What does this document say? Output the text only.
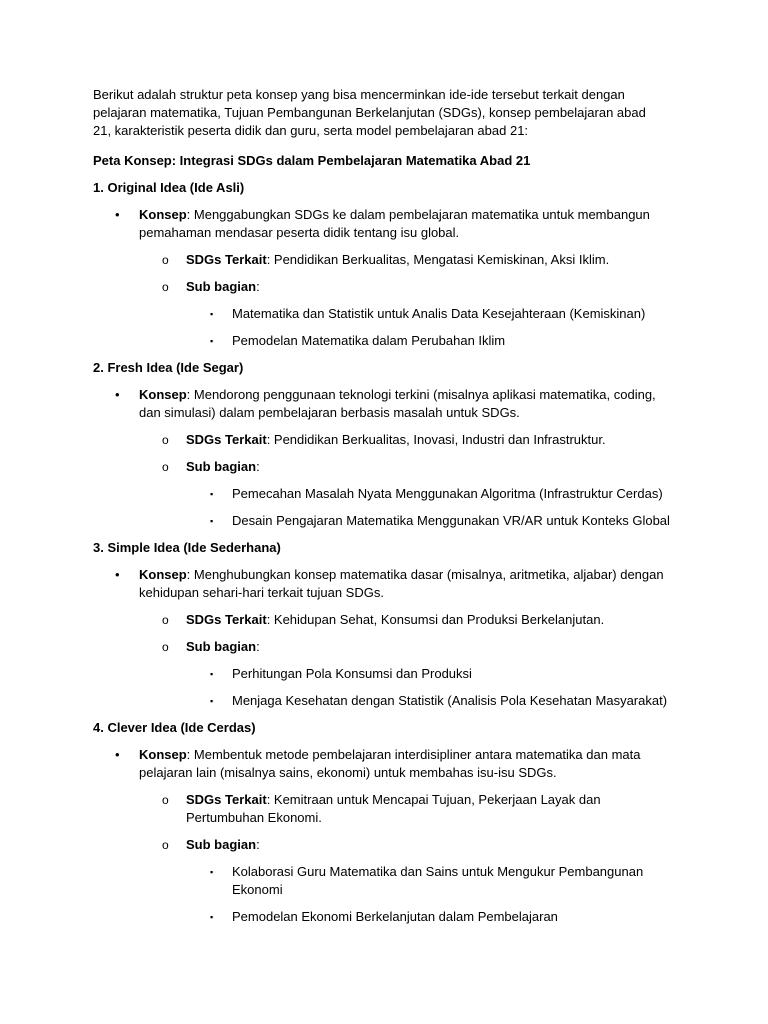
Berikut adalah struktur peta konsep yang bisa mencerminkan ide-ide tersebut terkait dengan pelajaran matematika, Tujuan Pembangunan Berkelanjutan (SDGs), konsep pembelajaran abad 21, karakteristik peserta didik dan guru, serta model pembelajaran abad 21:

Peta Konsep: Integrasi SDGs dalam Pembelajaran Matematika Abad 21

1. Original Idea (Ide Asli)

• Konsep: Menggabungkan SDGs ke dalam pembelajaran matematika untuk membangun pemahaman mendasar peserta didik tentang isu global.
o SDGs Terkait: Pendidikan Berkualitas, Mengatasi Kemiskinan, Aksi Iklim.
o Sub bagian:
▪ Matematika dan Statistik untuk Analis Data Kesejahteraan (Kemiskinan)
▪ Pemodelan Matematika dalam Perubahan Iklim

2. Fresh Idea (Ide Segar)

• Konsep: Mendorong penggunaan teknologi terkini (misalnya aplikasi matematika, coding, dan simulasi) dalam pembelajaran berbasis masalah untuk SDGs.
o SDGs Terkait: Pendidikan Berkualitas, Inovasi, Industri dan Infrastruktur.
o Sub bagian:
▪ Pemecahan Masalah Nyata Menggunakan Algoritma (Infrastruktur Cerdas)
▪ Desain Pengajaran Matematika Menggunakan VR/AR untuk Konteks Global

3. Simple Idea (Ide Sederhana)

• Konsep: Menghubungkan konsep matematika dasar (misalnya, aritmetika, aljabar) dengan kehidupan sehari-hari terkait tujuan SDGs.
o SDGs Terkait: Kehidupan Sehat, Konsumsi dan Produksi Berkelanjutan.
o Sub bagian:
▪ Perhitungan Pola Konsumsi dan Produksi
▪ Menjaga Kesehatan dengan Statistik (Analisis Pola Kesehatan Masyarakat)

4. Clever Idea (Ide Cerdas)

• Konsep: Membentuk metode pembelajaran interdisipliner antara matematika dan mata pelajaran lain (misalnya sains, ekonomi) untuk membahas isu-isu SDGs.
o SDGs Terkait: Kemitraan untuk Mencapai Tujuan, Pekerjaan Layak dan Pertumbuhan Ekonomi.
o Sub bagian:
▪ Kolaborasi Guru Matematika dan Sains untuk Mengukur Pembangunan Ekonomi
▪ Pemodelan Ekonomi Berkelanjutan dalam Pembelajaran
